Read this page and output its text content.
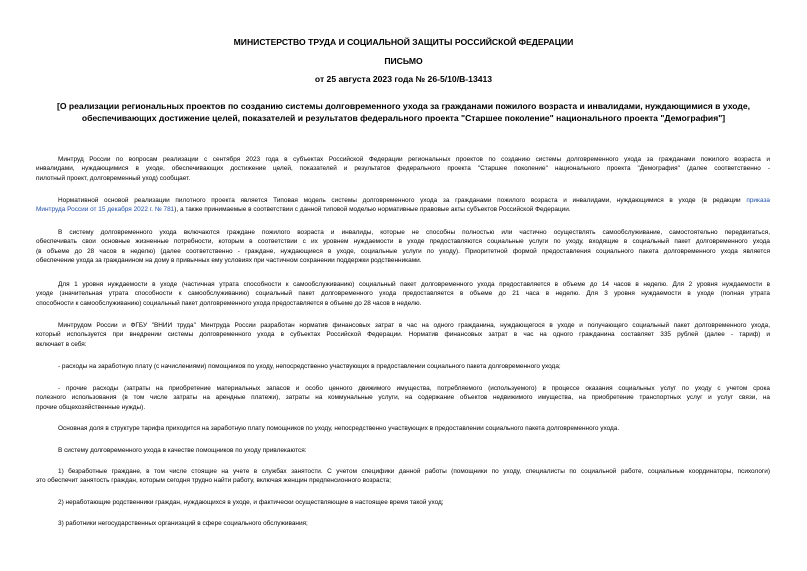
МИНИСТЕРСТВО ТРУДА И СОЦИАЛЬНОЙ ЗАЩИТЫ РОССИЙСКОЙ ФЕДЕРАЦИИ
ПИСЬМО
от 25 августа 2023 года № 26-5/10/В-13413
[О реализации региональных проектов по созданию системы долговременного ухода за гражданами пожилого возраста и инвалидами, нуждающимися в уходе,
обеспечивающих достижение целей, показателей и результатов федерального проекта "Старшее поколение" национального проекта "Демография"]
Минтруд России по вопросам реализации с сентября 2023 года в субъектах Российской Федерации региональных проектов по созданию системы долговременного ухода за гражданами пожилого возраста и
инвалидами, нуждающимися в уходе, обеспечивающих достижение целей, показателей и результатов федерального проекта "Старшее поколение" национального проекта "Демография" (далее соответственно -
пилотный проект, долговременный уход) сообщает.
Нормативной основой реализации пилотного проекта является Типовая модель системы долговременного ухода за гражданами пожилого возраста и инвалидами, нуждающимися в уходе (в редакции приказа
Минтруда России от 15 декабря 2022 г. № 781), а также принимаемые в соответствии с данной типовой моделью нормативные правовые акты субъектов Российской Федерации.
В систему долговременного ухода включаются граждане пожилого возраста и инвалиды, которые не способны полностью или частично осуществлять самообслуживание, самостоятельно передвигаться,
обеспечивать свои основные жизненные потребности, которым в соответствии с их уровнем нуждаемости в уходе предоставляются социальные услуги по уходу, входящие в социальный пакет долговременного ухода
(в объеме до 28 часов в неделю) (далее соответственно - граждане, нуждающиеся в уходе, социальные услуги по уходу). Приоритетной формой предоставления социального пакета долговременного ухода является
обеспечение ухода за гражданином на дому в привычных ему условиях при частичном сохранении поддержки родственниками.
Для 1 уровня нуждаемости в уходе (частичная утрата способности к самообслуживанию) социальный пакет долговременного ухода предоставляется в объеме до 14 часов в неделю. Для 2 уровня нуждаемости в
уходе (значительная утрата способности к самообслуживанию) социальный пакет долговременного ухода предоставляется в объеме до 21 часа в неделю. Для 3 уровня нуждаемости в уходе (полная утрата
способности к самообслуживанию) социальный пакет долговременного ухода предоставляется в объеме до 28 часов в неделю.
Минтрудом России и ФГБУ "ВНИИ труда" Минтруда России разработан норматив финансовых затрат в час на одного гражданина, нуждающегося в уходе и получающего социальный пакет долговременного ухода,
который используется при внедрении системы долговременного ухода в субъектах Российской Федерации. Норматив финансовых затрат в час на одного гражданина составляет 335 рублей (далее - тариф) и
включает в себя:
- расходы на заработную плату (с начислениями) помощников по уходу, непосредственно участвующих в предоставлении социального пакета долговременного ухода;
- прочие расходы (затраты на приобретение материальных запасов и особо ценного движимого имущества, потребляемого (используемого) в процессе оказания социальных услуг по уходу с учетом срока
полезного использования (в том числе затраты на арендные платежи), затраты на коммунальные услуги, на содержание объектов недвижимого имущества, на приобретение транспортных услуг и услуг связи, на
прочие общехозяйственные нужды).
Основная доля в структуре тарифа приходится на заработную плату помощников по уходу, непосредственно участвующих в предоставлении социального пакета долговременного ухода.
В систему долговременного ухода в качестве помощников по уходу привлекаются:
1) безработные граждане, в том числе стоящие на учете в службах занятости. С учетом специфики данной работы (помощники по уходу, специалисты по социальной работе, социальные координаторы, психологи)
это обеспечит занятость граждан, которым сегодня трудно найти работу, включая женщин предпенсионного возраста;
2) неработающие родственники граждан, нуждающихся в уходе, и фактически осуществляющие в настоящее время такой уход;
3) работники негосударственных организаций в сфере социального обслуживания;
